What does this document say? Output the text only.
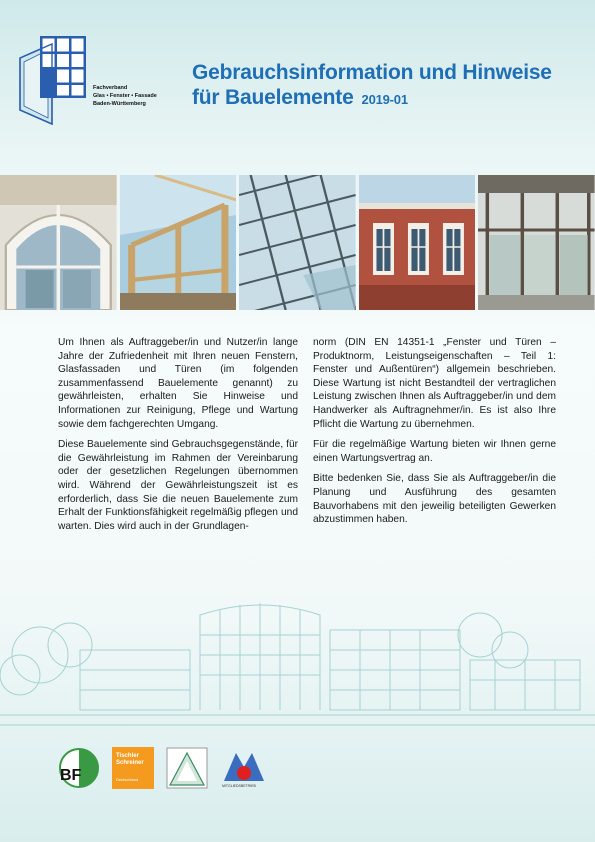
Fachverband
Glas • Fenster • Fassade
Baden-Württemberg
Gebrauchsinformation und Hinweise
für Bauelemente 2019-01

Um Ihnen als Auftraggeber/in und Nutzer/in lange Jahre der Zufriedenheit mit Ihren neuen Fenstern, Glasfassaden und Türen (im folgenden zusammenfassend Bauelemente genannt) zu gewährleisten, erhalten Sie Hinweise und Informationen zur Reinigung, Pflege und Wartung sowie dem fachgerechten Umgang.

Diese Bauelemente sind Gebrauchsgegenstände, für die Gewährleistung im Rahmen der Vereinbarung oder der gesetzlichen Regelungen übernommen wird. Während der Gewährleistungszeit ist es erforderlich, dass Sie die neuen Bauelemente zum Erhalt der Funktionsfähigkeit regelmäßig pflegen und warten. Dies wird auch in der Grundlagen-

norm (DIN EN 14351-1 „Fenster und Türen – Produktnorm, Leistungseigenschaften – Teil 1: Fenster und Außentüren“) allgemein beschrieben. Diese Wartung ist nicht Bestandteil der vertraglichen Leistung zwischen Ihnen als Auftraggeber/in und dem Handwerker als Auftragnehmer/in. Es ist also Ihre Pflicht die Wartung zu übernehmen.

Für die regelmäßige Wartung bieten wir Ihnen gerne einen Wartungsvertrag an.

Bitte bedenken Sie, dass Sie als Auftraggeber/in die Planung und Ausführung des gesamten Bauvorhabens mit den jeweilig beteiligten Gewerken abzustimmen haben.

BF
Tischler
Schreiner
Deutschland
MITGLIEDSBETRIEB
